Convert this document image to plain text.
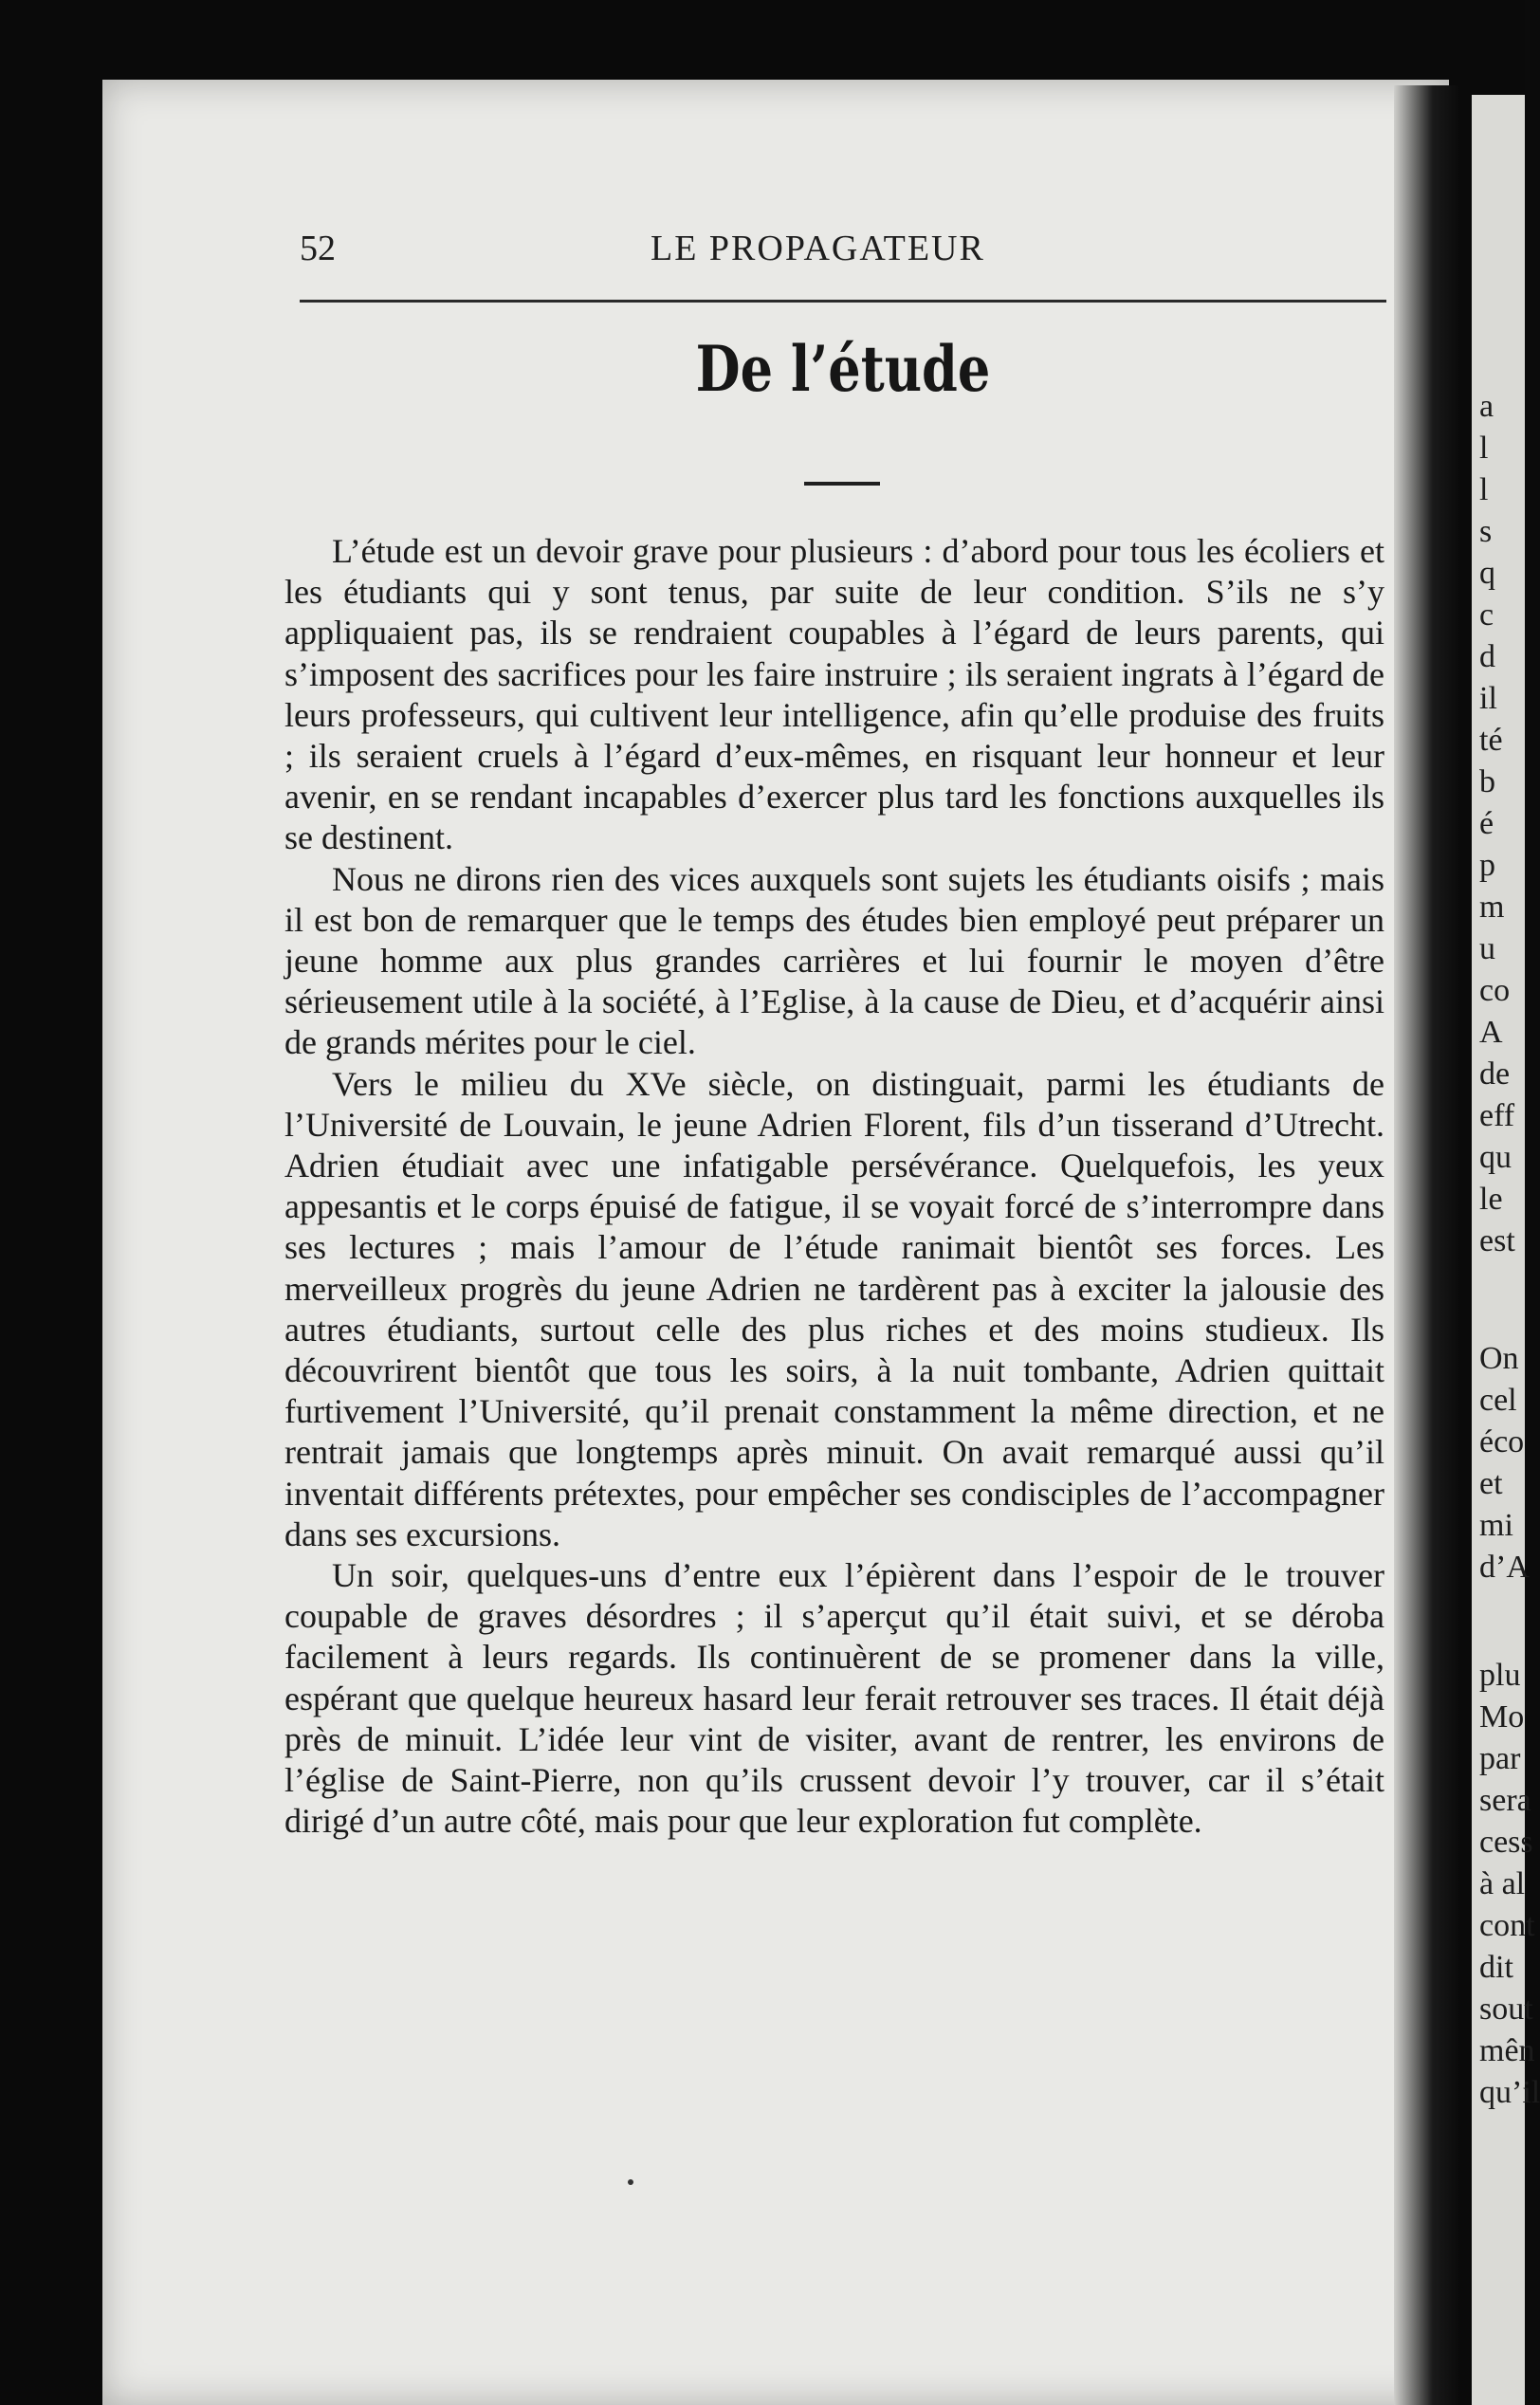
a
l
l
s
q
c
d
il
té
b
é
p
m
u
co
A
de
eff
qu
le
est
On
cel
éco
et
mi
d’A
plu
Mo
par
sera
cess
à al
cont
dit
sout
mên
qu’il
52	LE PROPAGATEUR
De l’étude

L’étude est un devoir grave pour plusieurs : d’abord pour tous les écoliers et les étudiants qui y sont tenus, par suite de leur condition. S’ils ne s’y appliquaient pas, ils se rendraient coupables à l’égard de leurs parents, qui s’imposent des sacrifices pour les faire instruire ; ils seraient ingrats à l’égard de leurs professeurs, qui cultivent leur intelligence, afin qu’elle produise des fruits ; ils seraient cruels à l’égard d’eux-mêmes, en risquant leur honneur et leur avenir, en se rendant incapables d’exercer plus tard les fonctions auxquelles ils se destinent.

Nous ne dirons rien des vices auxquels sont sujets les étudiants oisifs ; mais il est bon de remarquer que le temps des études bien employé peut préparer un jeune homme aux plus grandes carrières et lui fournir le moyen d’être sérieusement utile à la société, à l’Eglise, à la cause de Dieu, et d’acquérir ainsi de grands mérites pour le ciel.

Vers le milieu du XVe siècle, on distinguait, parmi les étudiants de l’Université de Louvain, le jeune Adrien Florent, fils d’un tisserand d’Utrecht. Adrien étudiait avec une infatigable persévérance. Quelquefois, les yeux appesantis et le corps épuisé de fatigue, il se voyait forcé de s’interrompre dans ses lectures ; mais l’amour de l’étude ranimait bientôt ses forces. Les merveilleux progrès du jeune Adrien ne tardèrent pas à exciter la jalousie des autres étudiants, surtout celle des plus riches et des moins studieux. Ils découvrirent bientôt que tous les soirs, à la nuit tombante, Adrien quittait furtivement l’Université, qu’il prenait constamment la même direction, et ne rentrait jamais que longtemps après minuit. On avait remarqué aussi qu’il inventait différents prétextes, pour empêcher ses condisciples de l’accompagner dans ses excursions.

Un soir, quelques-uns d’entre eux l’épièrent dans l’espoir de le trouver coupable de graves désordres ; il s’aperçut qu’il était suivi, et se déroba facilement à leurs regards. Ils continuèrent de se promener dans la ville, espérant que quelque heureux hasard leur ferait retrouver ses traces. Il était déjà près de minuit. L’idée leur vint de visiter, avant de rentrer, les environs de l’église de Saint-Pierre, non qu’ils crussent devoir l’y trouver, car il s’était dirigé d’un autre côté, mais pour que leur exploration fut complète.
